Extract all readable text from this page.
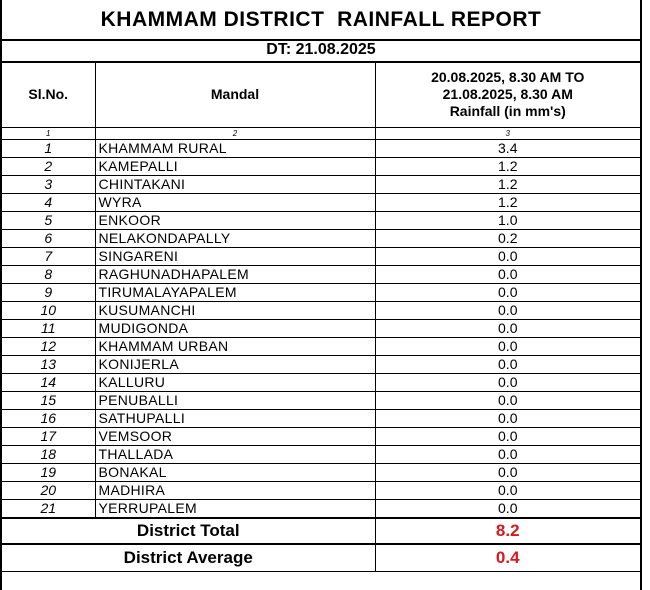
KHAMMAM DISTRICT  RAINFALL REPORT
DT: 21.08.2025
Sl.No.	Mandal	20.08.2025, 8.30 AM TO
21.08.2025, 8.30 AM
Rainfall (in mm's)

1	2	3
1	KHAMMAM RURAL	3.4
2	KAMEPALLI	1.2
3	CHINTAKANI	1.2
4	WYRA	1.2
5	ENKOOR	1.0
6	NELAKONDAPALLY	0.2
7	SINGARENI	0.0
8	RAGHUNADHAPALEM	0.0
9	TIRUMALAYAPALEM	0.0
10	KUSUMANCHI	0.0
11	MUDIGONDA	0.0
12	KHAMMAM URBAN	0.0
13	KONIJERLA	0.0
14	KALLURU	0.0
15	PENUBALLI	0.0
16	SATHUPALLI	0.0
17	VEMSOOR	0.0
18	THALLADA	0.0
19	BONAKAL	0.0
20	MADHIRA	0.0
21	YERRUPALEM	0.0
District Total		8.2
District Average		0.4
